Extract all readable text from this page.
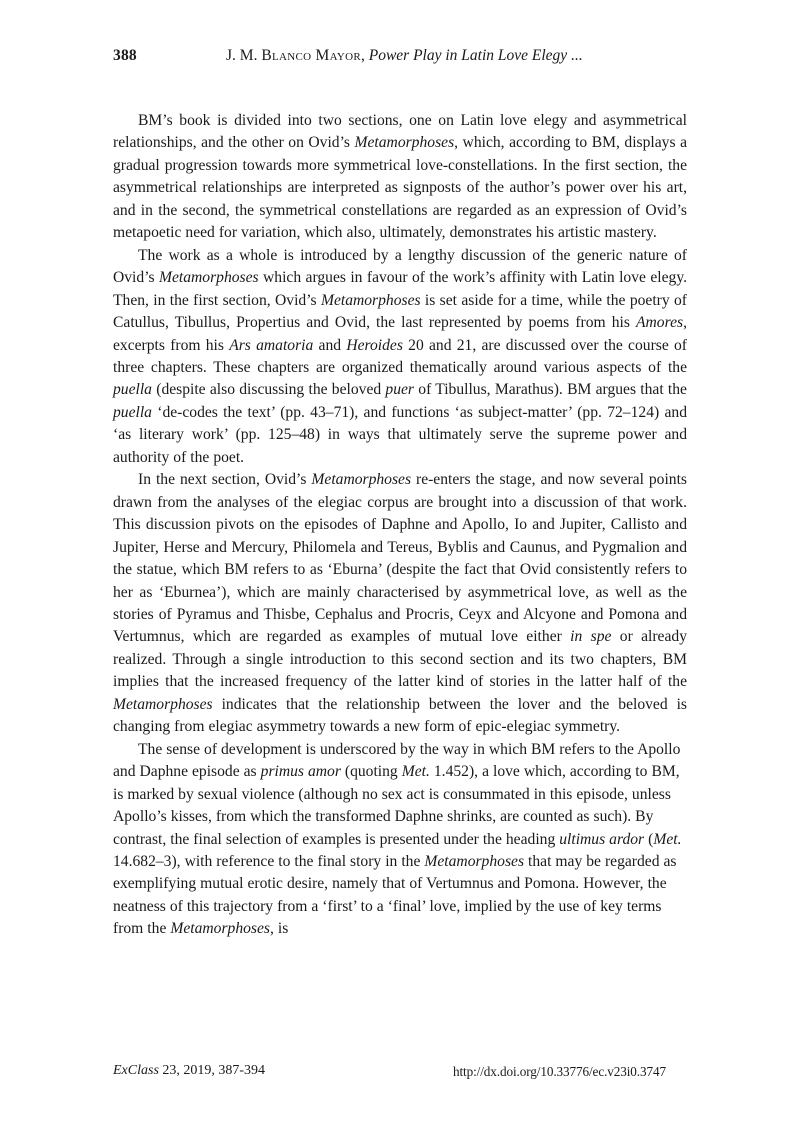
388	J. M. Blanco Mayor, Power Play in Latin Love Elegy ...

BM’s book is divided into two sections, one on Latin love elegy and asymmetrical relationships, and the other on Ovid’s Metamorphoses, which, according to BM, displays a gradual progression towards more symmetrical love-constellations. In the first section, the asymmetrical relationships are interpreted as signposts of the author’s power over his art, and in the second, the symmetrical constellations are regarded as an expression of Ovid’s metapoetic need for variation, which also, ultimately, demonstrates his artistic mastery.

The work as a whole is introduced by a lengthy discussion of the generic nature of Ovid’s Metamorphoses which argues in favour of the work’s affinity with Latin love elegy. Then, in the first section, Ovid’s Metamorphoses is set aside for a time, while the poetry of Catullus, Tibullus, Propertius and Ovid, the last represented by poems from his Amores, excerpts from his Ars amatoria and Heroides 20 and 21, are discussed over the course of three chapters. These chapters are organized thematically around various aspects of the puella (despite also discussing the beloved puer of Tibullus, Marathus). BM argues that the puella ‘de-codes the text’ (pp. 43–71), and functions ‘as subject-matter’ (pp. 72–124) and ‘as literary work’ (pp. 125–48) in ways that ultimately serve the supreme power and authority of the poet.

In the next section, Ovid’s Metamorphoses re-enters the stage, and now several points drawn from the analyses of the elegiac corpus are brought into a discussion of that work. This discussion pivots on the episodes of Daphne and Apollo, Io and Jupiter, Callisto and Jupiter, Herse and Mercury, Philomela and Tereus, Byblis and Caunus, and Pygmalion and the statue, which BM refers to as ‘Eburna’ (despite the fact that Ovid consistently refers to her as ‘Eburnea’), which are mainly characterised by asymmetrical love, as well as the stories of Pyramus and Thisbe, Cephalus and Procris, Ceyx and Alcyone and Pomona and Vertumnus, which are regarded as examples of mutual love either in spe or already realized. Through a single introduction to this second section and its two chapters, BM implies that the increased frequency of the latter kind of stories in the latter half of the Metamorphoses indicates that the relationship between the lover and the beloved is changing from elegiac asymmetry towards a new form of epic-elegiac symmetry.

The sense of development is underscored by the way in which BM refers to the Apollo and Daphne episode as primus amor (quoting Met. 1.452), a love which, according to BM, is marked by sexual violence (although no sex act is consummated in this episode, unless Apollo’s kisses, from which the transformed Daphne shrinks, are counted as such). By contrast, the final selection of examples is presented under the heading ultimus ardor (Met. 14.682–3), with reference to the final story in the Metamorphoses that may be regarded as exemplifying mutual erotic desire, namely that of Vertumnus and Pomona. However, the neatness of this trajectory from a ‘first’ to a ‘final’ love, implied by the use of key terms from the Metamorphoses, is

ExClass 23, 2019, 387-394	http://dx.doi.org/10.33776/ec.v23i0.3747
